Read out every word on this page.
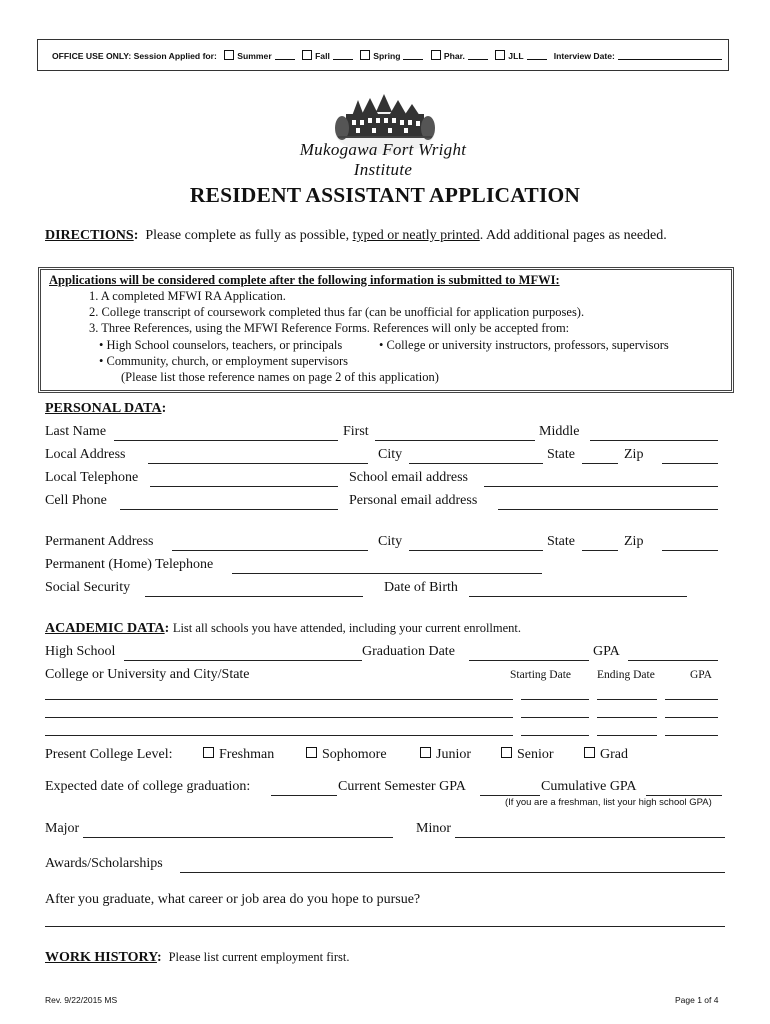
OFFICE USE ONLY: Session Applied for: Summer	Fall	Spring	Phar.	JLL	Interview Date:
Mukogawa Fort Wright Institute
RESIDENT ASSISTANT APPLICATION
DIRECTIONS: Please complete as fully as possible, typed or neatly printed. Add additional pages as needed.
Applications will be considered complete after the following information is submitted to MFWI:
1. A completed MFWI RA Application.
2. College transcript of coursework completed thus far (can be unofficial for application purposes).
3. Three References, using the MFWI Reference Forms. References will only be accepted from:
• High School counselors, teachers, or principals	• College or university instructors, professors, supervisors
• Community, church, or employment supervisors
(Please list those reference names on page 2 of this application)
PERSONAL DATA:
Last Name	First	Middle
Local Address	City	State	Zip
Local Telephone	School email address
Cell Phone	Personal email address
Permanent Address	City	State	Zip
Permanent (Home) Telephone
Social Security	Date of Birth
ACADEMIC DATA: List all schools you have attended, including your current enrollment.
High School	Graduation Date	GPA
College or University and City/State	Starting Date Ending Date	GPA
Present College Level:	Freshman	Sophomore	Junior	Senior	Grad
Expected date of college graduation:	Current Semester GPA	Cumulative GPA
(If you are a freshman, list your high school GPA)
Major	Minor
Awards/Scholarships
After you graduate, what career or job area do you hope to pursue?
WORK HISTORY: Please list current employment first.
Rev. 9/22/2015 MS	Page 1 of 4
